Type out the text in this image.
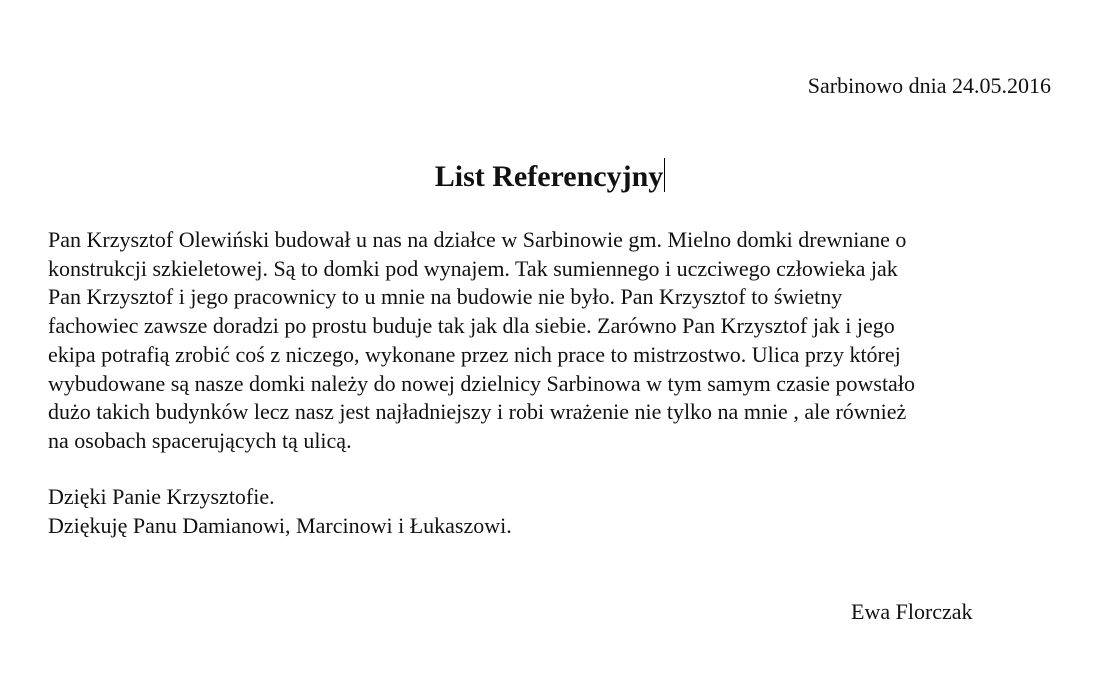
Sarbinowo dnia 24.05.2016
List Referencyjny
Pan Krzysztof Olewiński budował u nas na działce w Sarbinowie gm. Mielno domki drewniane o
konstrukcji szkieletowej. Są to domki pod wynajem. Tak sumiennego i uczciwego człowieka jak
Pan Krzysztof i jego pracownicy to u mnie na budowie nie było. Pan Krzysztof to świetny
fachowiec zawsze doradzi po prostu buduje tak jak dla siebie. Zarówno Pan Krzysztof jak i jego
ekipa potrafią zrobić coś z niczego, wykonane przez nich prace to mistrzostwo. Ulica przy której
wybudowane są nasze domki należy do nowej dzielnicy Sarbinowa w tym samym czasie powstało
dużo takich budynków lecz nasz jest najładniejszy i robi wrażenie nie tylko na mnie , ale również
na osobach spacerujących tą ulicą.
Dzięki Panie Krzysztofie.
Dziękuję Panu Damianowi, Marcinowi i Łukaszowi.
Ewa Florczak
